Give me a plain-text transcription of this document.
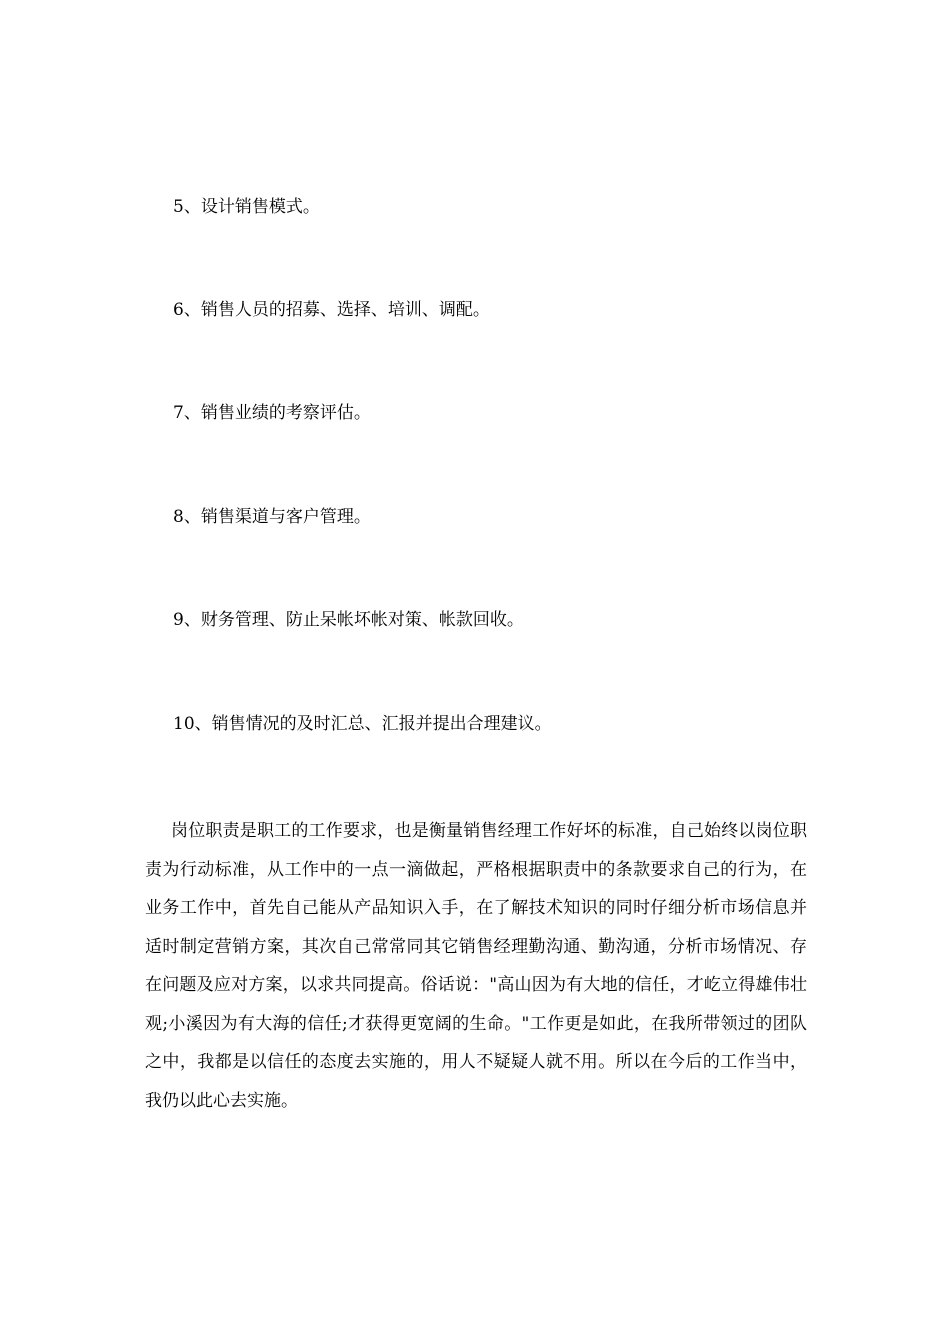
5、设计销售模式。

6、销售人员的招募、选择、培训、调配。

7、销售业绩的考察评估。

8、销售渠道与客户管理。

9、财务管理、防止呆帐坏帐对策、帐款回收。

10、销售情况的及时汇总、汇报并提出合理建议。

岗位职责是职工的工作要求，也是衡量销售经理工作好坏的标准，自己始终以岗位职责为行动标准，从工作中的一点一滴做起，严格根据职责中的条款要求自己的行为，在业务工作中，首先自己能从产品知识入手，在了解技术知识的同时仔细分析市场信息并适时制定营销方案，其次自己常常同其它销售经理勤沟通、勤沟通，分析市场情况、存在问题及应对方案，以求共同提高。俗话说："高山因为有大地的信任，才屹立得雄伟壮观;小溪因为有大海的信任;才获得更宽阔的生命。"工作更是如此，在我所带领过的团队之中，我都是以信任的态度去实施的，用人不疑疑人就不用。所以在今后的工作当中，我仍以此心去实施。
